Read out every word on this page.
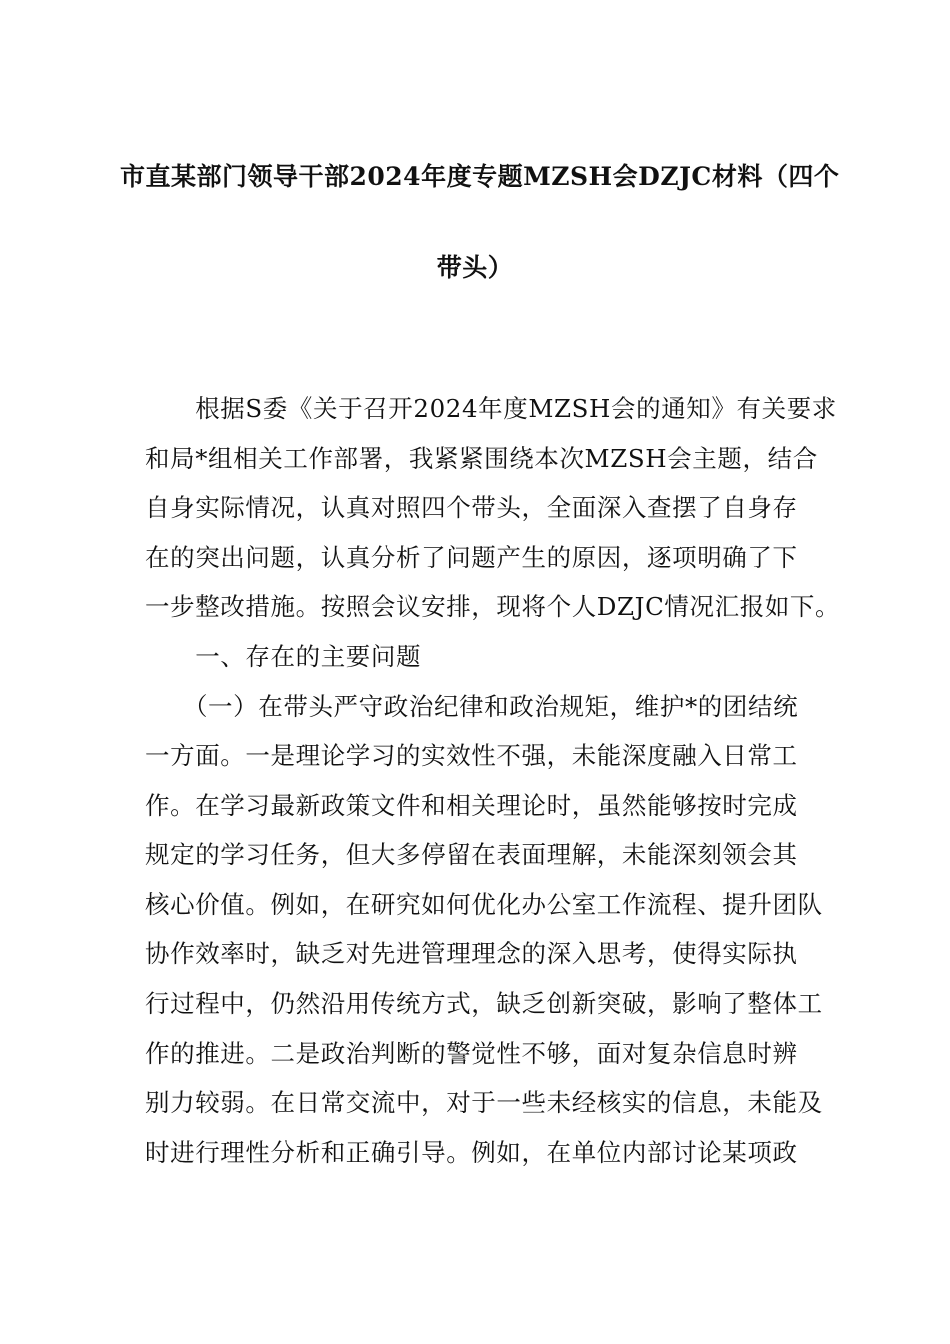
市直某部门领导干部2024年度专题MZSH会DZJC材料（四个
带头）
　　根据S委《关于召开2024年度MZSH会的通知》有关要求
和局*组相关工作部署，我紧紧围绕本次MZSH会主题，结合
自身实际情况，认真对照四个带头，全面深入查摆了自身存
在的突出问题，认真分析了问题产生的原因，逐项明确了下
一步整改措施。按照会议安排，现将个人DZJC情况汇报如下。
　　一、存在的主要问题
　　（一）在带头严守政治纪律和政治规矩，维护*的团结统
一方面。一是理论学习的实效性不强，未能深度融入日常工
作。在学习最新政策文件和相关理论时，虽然能够按时完成
规定的学习任务，但大多停留在表面理解，未能深刻领会其
核心价值。例如，在研究如何优化办公室工作流程、提升团队
协作效率时，缺乏对先进管理理念的深入思考，使得实际执
行过程中，仍然沿用传统方式，缺乏创新突破，影响了整体工
作的推进。二是政治判断的警觉性不够，面对复杂信息时辨
别力较弱。在日常交流中，对于一些未经核实的信息，未能及
时进行理性分析和正确引导。例如，在单位内部讨论某项政
